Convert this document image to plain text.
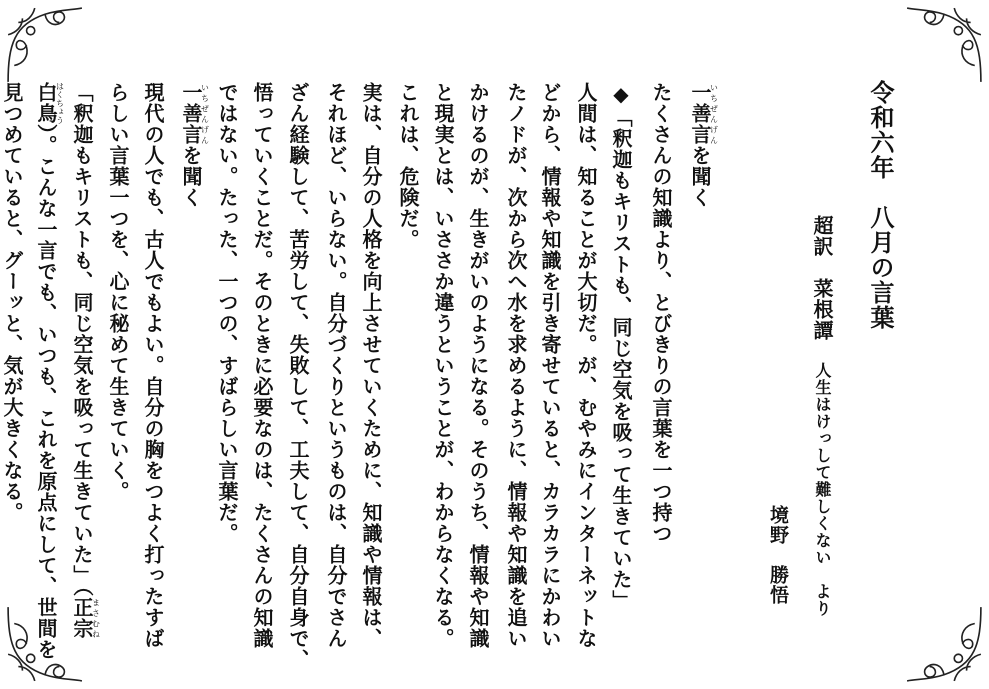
令和六年　八月の言葉
超訳　菜根譚　人生はけっして難しくない　より
境野　勝悟
一善言いちぜんげんを聞く
たくさんの知識より、とびきりの言葉を一つ持つ
◆「釈迦もキリストも、同じ空気を吸って生きていた」
人間は、知ることが大切だ。が、むやみにインターネットな
どから、情報や知識を引き寄せていると、カラカラにかわい
たノドが、次から次へ水を求めるように、情報や知識を追い
かけるのが、生きがいのようになる。そのうち、情報や知識
と現実とは、いささか違うということが、わからなくなる。
これは、危険だ。
実は、自分の人格を向上させていくために、知識や情報は、
それほど、いらない。自分づくりというものは、自分でさん
ざん経験して、苦労して、失敗して、工夫して、自分自身で、
悟っていくことだ。そのときに必要なのは、たくさんの知識
ではない。たった、一つの、すばらしい言葉だ。
一善言いちぜんげんを聞く
現代の人でも、古人でもよい。自分の胸をつよく打ったすば
らしい言葉一つを、心に秘めて生きていく。
「釈迦もキリストも、同じ空気を吸って生きていた」（正宗まさむね
白鳥はくちょう）。こんな一言でも、いつも、これを原点にして、世間を
見つめていると、グーッと、気が大きくなる。
